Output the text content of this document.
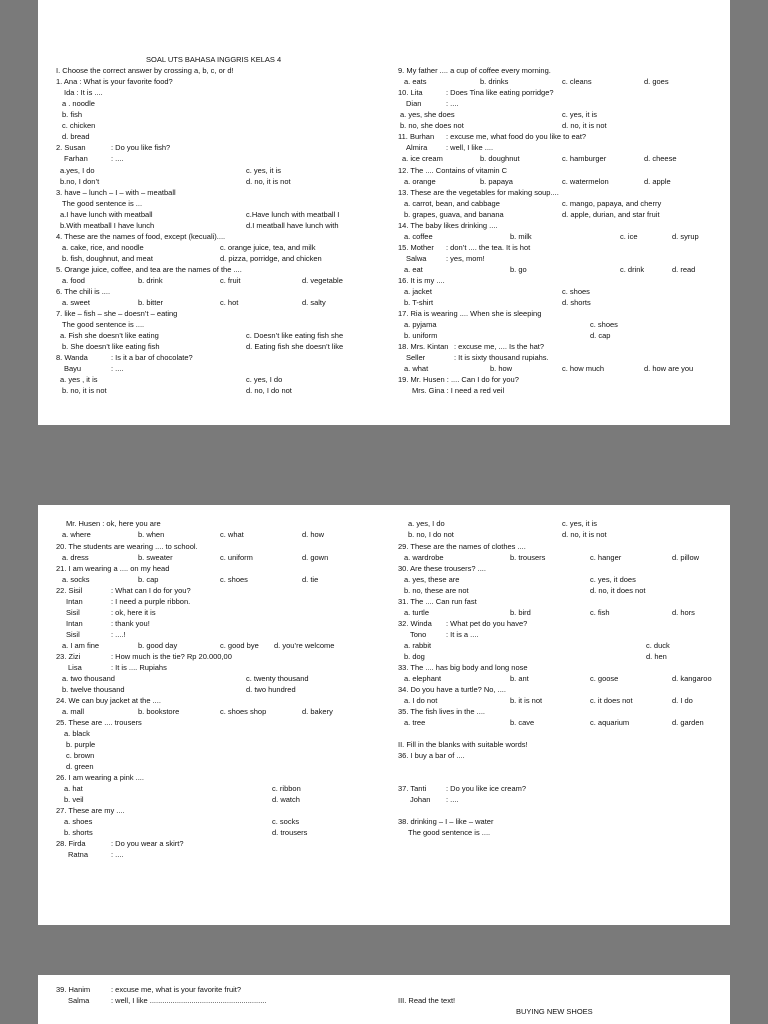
SOAL UTS BAHASA INGGRIS KELAS 4
I. Choose the correct answer by crossing a, b, c, or d!
1. Ana : What is your favorite food?
Ida : It is ....
a . noodle
b. fish
c. chicken
d. bread
2. Susan	: Do you like fish?
Farhan	: ....
a.yes, I do	c. yes, it is
b.no, I don’t	d. no, it is not
3. have – lunch – I – with – meatball
The good sentence is ...
a.I have lunch with meatball	c.Have lunch with meatball I
b.With meatball I have lunch	d.I meatball have lunch with
4. These are the names of food, except (kecuali)....
a. cake, rice, and noodle	c. orange juice, tea, and milk
b. fish, doughnut, and meat	d. pizza, porridge, and chicken
5. Orange juice, coffee, and tea are the names of the ....
a. food	b. drink	c. fruit	d. vegetable
6. The chili is ....
a. sweet	b. bitter	c. hot	d. salty
7. like – fish – she – doesn’t – eating
The good sentence is ....
a. Fish she doesn’t like eating	c. Doesn’t like eating fish she
b. She doesn’t like eating fish	d. Eating fish she doesn’t like
8. Wanda	: Is it a bar of chocolate?
Bayu	: ....
a. yes , it is	c. yes, I do
b. no, it is not	d. no, I do not
9. My father .... a cup of coffee every morning.
a. eats	b. drinks	c. cleans	d. goes
10. Lita	: Does Tina like eating porridge?
Dian	: ....
a. yes, she does	c. yes, it is
b. no, she does not	d. no, it is not
11. Burhan : excuse me, what food do you like to eat?
Almira : well, I like ....
a. ice cream	b. doughnut	c. hamburger	d. cheese
12. The .... Contains of vitamin C
a. orange	b. papaya	c. watermelon	d. apple
13. These are the vegetables for making soup....
a. carrot, bean, and cabbage	c. mango, papaya, and cherry
b. grapes, guava, and banana	d. apple, durian, and star fruit
14. The baby likes drinking ....
a. coffee	b. milk	c. ice	d. syrup
15. Mother : don’t .... the tea. It is hot
Salwa	: yes, mom!
a. eat	b. go	c. drink	d. read
16. It is my ....
a. jacket	c. shoes
b. T-shirt	d. shorts
17. Ria is wearing .... When she is sleeping
a. pyjama	c. shoes
b. uniform	d. cap
18. Mrs. Kintan : excuse me, .... Is the hat?
Seller	: It is sixty thousand rupiahs.
a. what	b. how	c. how much	d. how are you
19. Mr. Husen : .... Can I do for you?
Mrs. Gina : I need a red veil
Mr. Husen : ok, here you are
a. where	b. when	c. what	d. how
20. The students are wearing .... to school.
a. dress	b. sweater	c. uniform	d. gown
21. I am wearing a .... on my head
a. socks	b. cap	c. shoes	d. tie
22. Sisil	: What can I do for you?
Intan	: I need a purple ribbon.
Sisil	: ok, here it is
Intan	: thank you!
Sisil	: ....!
a. I am fine	b. good day	c. good bye d. you’re welcome
23. Zizi	: How much is the tie? Rp 20.000,00
Lisa	: It is .... Rupiahs
a. two thousand	c. twenty thousand
b. twelve thousand	d. two hundred
24. We can buy jacket at the ....
a. mall	b. bookstore	c. shoes shop	d. bakery
25. These are .... trousers
a. black
b. purple
c. brown
d. green
26. I am wearing a pink ....
a. hat	c. ribbon
b. veil	d. watch
27. These are my ....
a. shoes	c. socks
b. shorts	d. trousers
28. Firda	: Do you wear a skirt?
Ratna	: ....
a. yes, I do	c. yes, it is
b. no, I do not	d. no, it is not
29. These are the names of clothes ....
a. wardrobe	b. trousers	c. hanger	d. pillow
30. Are these trousers? ....
a. yes, these are	c. yes, it does
b. no, these are not	d. no, it does not
31. The .... Can run fast
a. turtle	b. bird	c. fish	d. hors
32. Winda : What pet do you have?
Tono	: It is a ....
a. rabbit	c. duck
b. dog	d. hen
33. The .... has big body and long nose
a. elephant	b. ant	c. goose	d. kangaroo
34. Do you have a turtle? No, ....
a. I do not	b. it is not	c. it does not	d. I do
35. The fish lives in the ....
a. tree	b. cave	c. aquarium	d. garden
II. Fill in the blanks with suitable words!
36. I buy a bar of ....
37. Tanti	: Do you like ice cream?
Johan : ....
38. drinking – I – like – water
The good sentence is ....
39. Hanim	: excuse me, what is your favorite fruit?
Salma	: well, I like ........................................................	III. Read the text!
BUYING NEW SHOES
